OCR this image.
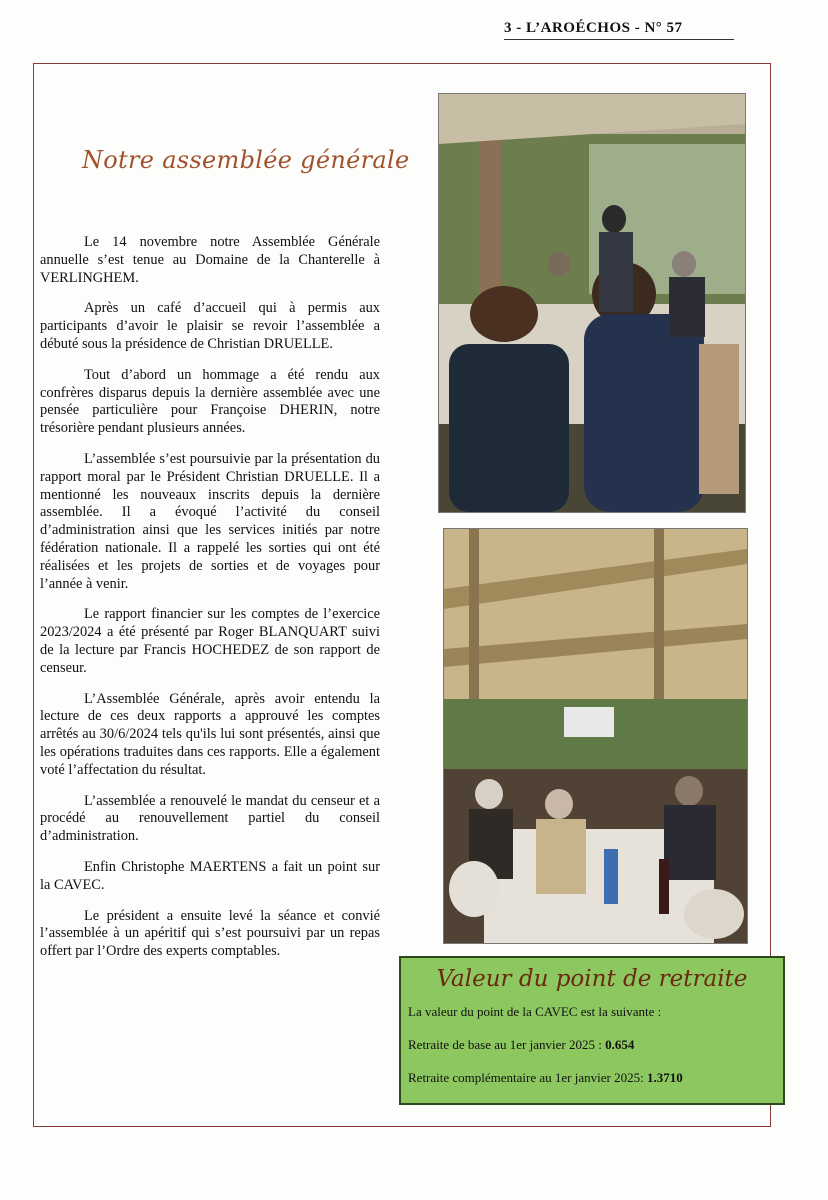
3 - L’AROÉCHOS - N° 57
Notre assemblée générale

Le 14 novembre notre Assemblée Générale annuelle s’est tenue au Domaine de la Chanterelle à VERLINGHEM.

Après un café d’accueil qui à permis aux participants d’avoir le plaisir se revoir l’assemblée a débuté sous la présidence de Christian DRUELLE.

Tout d’abord un hommage a été rendu aux confrères disparus depuis la dernière assemblée avec une pensée particulière pour Françoise DHERIN, notre trésorière pendant plusieurs années.

L’assemblée s’est poursuivie par la présentation du rapport moral par le Président Christian DRUELLE. Il a mentionné les nouveaux inscrits depuis la dernière assemblée. Il a évoqué l’activité du conseil d’administration ainsi que les services initiés par notre fédération nationale. Il a rappelé les sorties qui ont été réalisées et les projets de sorties et de voyages pour l’année à venir.

Le rapport financier sur les comptes de l’exercice 2023/2024 a été présenté par Roger BLANQUART suivi de la lecture par Francis HOCHEDEZ de son rapport de censeur.

L’Assemblée Générale, après avoir entendu la lecture de ces deux rapports a approuvé les comptes arrêtés au 30/6/2024 tels qu'ils lui sont présentés, ainsi que les opérations traduites dans ces rapports. Elle a également voté l’affectation du résultat.

L’assemblée a renouvelé le mandat du censeur et a procédé au renouvellement partiel du conseil d’administration.

Enfin Christophe MAERTENS a fait un point sur la CAVEC.

Le président a ensuite levé la séance et convié l’assemblée à un apéritif qui s’est poursuivi par un repas offert par l’Ordre des experts comptables.

Valeur du point de retraite
La valeur du point de la CAVEC est la suivante :
Retraite de base au 1er janvier 2025 : 0.654
Retraite complémentaire au 1er janvier 2025: 1.3710
